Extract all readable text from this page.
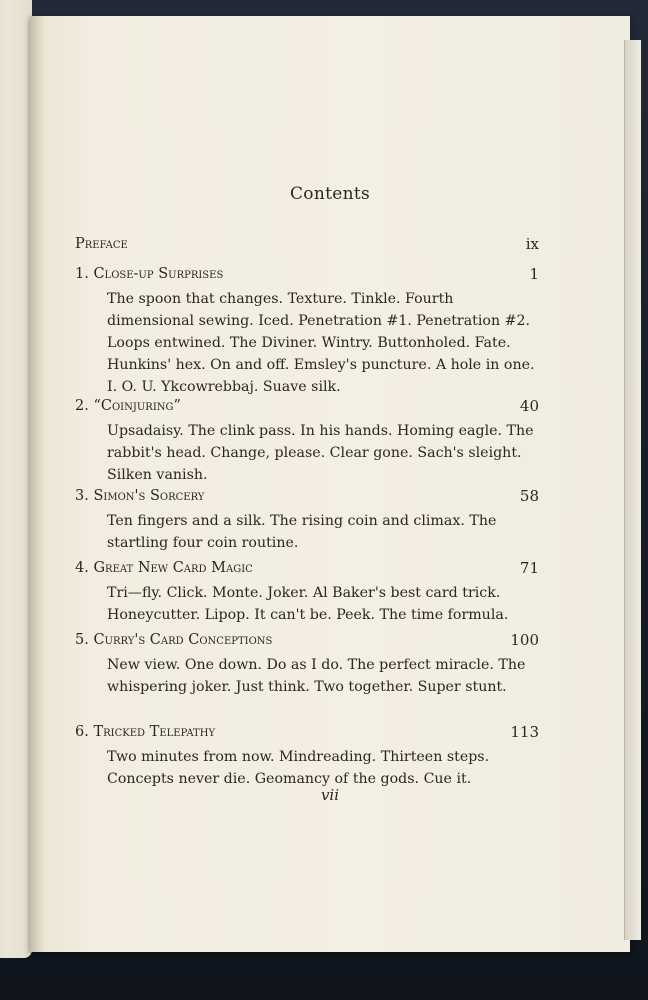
Contents
Preface	ix
1. Close-up Surprises	1
The spoon that changes. Texture. Tinkle. Fourth dimensional sewing. Iced. Penetration #1. Penetration #2. Loops entwined. The Diviner. Wintry. Buttonholed. Fate. Hunkins' hex. On and off. Emsley's puncture. A hole in one. I. O. U. Ykcowrebbaj. Suave silk.
2. “Coinjuring”	40
Upsadaisy. The clink pass. In his hands. Homing eagle. The rabbit's head. Change, please. Clear gone. Sach's sleight. Silken vanish.
3. Simon's Sorcery	58
Ten fingers and a silk. The rising coin and climax. The startling four coin routine.
4. Great New Card Magic	71
Tri—fly. Click. Monte. Joker. Al Baker's best card trick. Honeycutter. Lipop. It can't be. Peek. The time formula.
5. Curry's Card Conceptions	100
New view. One down. Do as I do. The perfect miracle. The whispering joker. Just think. Two together. Super stunt.
6. Tricked Telepathy	113
Two minutes from now. Mindreading. Thirteen steps. Concepts never die. Geomancy of the gods. Cue it.
vii
